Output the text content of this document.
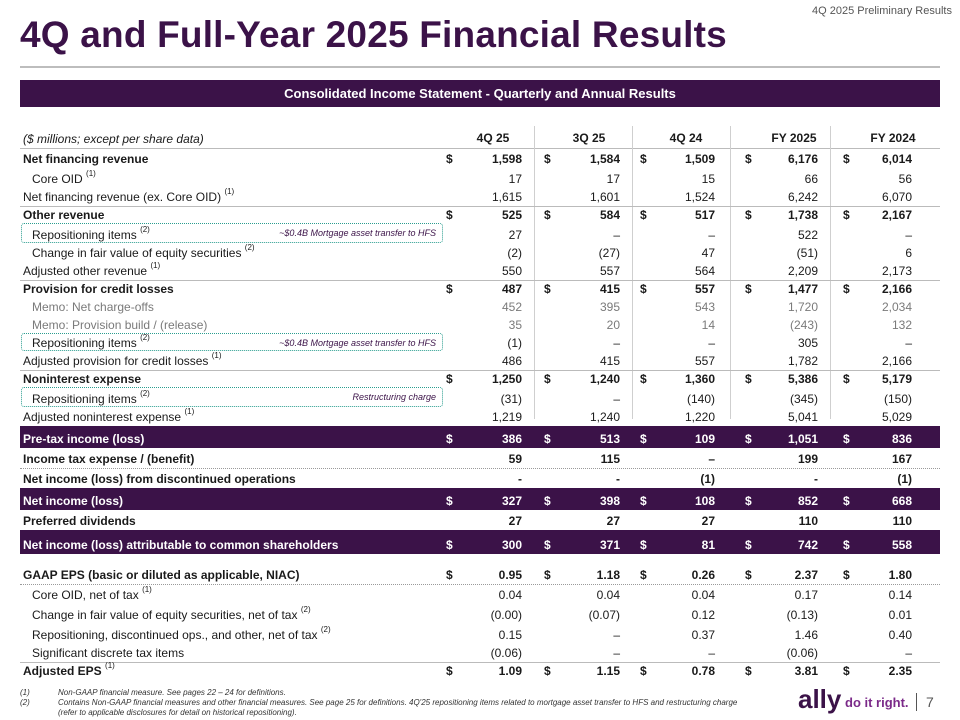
4Q 2025 Preliminary Results
4Q and Full-Year 2025 Financial Results
Consolidated Income Statement - Quarterly and Annual Results
($ millions; except per share data)	4Q 25	3Q 25	4Q 24	FY 2025	FY 2024
Net financing revenue	$	1,598 $	1,584 $	1,509	$	6,176 $	6,014
Core OID $^{(1)}$	17	17	15	66	56
Net financing revenue (ex. Core OID) $^{(1)}$	1,615	1,601	1,524	6,242	6,070
Other revenue	$	525 $	584 $	517	$	1,738 $	2,167
Repositioning items $^{(2)}$	27	–	–	522	–
Change in fair value of equity securities $^{(2)}$	(2)	(27)	47	(51)	6
Adjusted other revenue $^{(1)}$	550	557	564	2,209	2,173
Provision for credit losses	$	487 $	415 $	557	$	1,477 $	2,166
Memo: Net charge-offs	452	395	543	1,720	2,034
Memo: Provision build / (release)	35	20	14	(243)	132
Repositioning items $^{(2)}$	(1)	–	–	305	–
Adjusted provision for credit losses $^{(1)}$	486	415	557	1,782	2,166
Noninterest expense	$	1,250 $	1,240 $	1,360	$	5,386 $	5,179
Repositioning items $^{(2)}$	(31)	–	(140)	(345)	(150)
Adjusted noninterest expense $^{(1)}$	1,219	1,240	1,220	5,041	5,029
Pre-tax income (loss)	$	386 $	513 $	109	$	1,051 $	836
Income tax expense / (benefit)	59	115	–	199	167
Net income (loss) from discontinued operations	-	-	(1)	-	(1)
Net income (loss)	$	327 $	398 $	108	$	852 $	668
Preferred dividends	27	27	27	110	110
Net income (loss) attributable to common shareholders	$	300 $	371 $	81	$	742 $	558
GAAP EPS (basic or diluted as applicable, NIAC)	$	0.95 $	1.18 $	0.26	$	2.37 $	1.80
Core OID, net of tax $^{(1)}$	0.04	0.04	0.04	0.17	0.14
Change in fair value of equity securities, net of tax $^{(2)}$	(0.00)	(0.07)	0.12	(0.13)	0.01
Repositioning, discontinued ops., and other, net of tax $^{(2)}$	0.15	–	0.37	1.46	0.40
Significant discrete tax items	(0.06)	–	–	(0.06)	–
Adjusted EPS $^{(1)}$	$	1.09 $	1.15 $	0.78	$	3.81 $	2.35
~$0.4B Mortgage asset transfer to HFS
~$0.4B Mortgage asset transfer to HFS
Restructuring charge
(1)	Non-GAAP financial measure. See pages 22 – 24 for definitions.
(2)	Contains Non-GAAP financial measures and other financial measures. See page 25 for definitions. 4Q'25 repositioning items related to mortgage asset transfer to HFS and restructuring charge (refer to applicable disclosures for detail on historical repositioning).	ally do it right. 7
